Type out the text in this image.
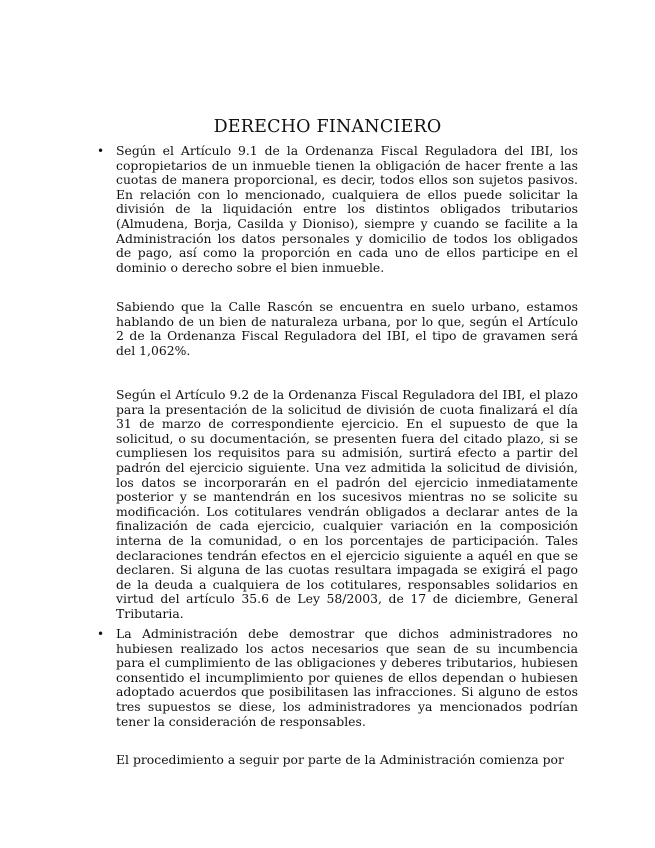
DERECHO FINANCIERO
• Según el Artículo 9.1 de la Ordenanza Fiscal Reguladora del IBI, los copropietarios de un inmueble tienen la obligación de hacer frente a las cuotas de manera proporcional, es decir, todos ellos son sujetos pasivos. En relación con lo mencionado, cualquiera de ellos puede solicitar la división de la liquidación entre los distintos obligados tributarios (Almudena, Borja, Casilda y Dioniso), siempre y cuando se facilite a la Administración los datos personales y domicilio de todos los obligados de pago, así como la proporción en cada uno de ellos participe en el dominio o derecho sobre el bien inmueble.
Sabiendo que la Calle Rascón se encuentra en suelo urbano, estamos hablando de un bien de naturaleza urbana, por lo que, según el Artículo 2 de la Ordenanza Fiscal Reguladora del IBI, el tipo de gravamen será del 1,062%.
Según el Artículo 9.2 de la Ordenanza Fiscal Reguladora del IBI, el plazo para la presentación de la solicitud de división de cuota finalizará el día 31 de marzo de correspondiente ejercicio. En el supuesto de que la solicitud, o su documentación, se presenten fuera del citado plazo, si se cumpliesen los requisitos para su admisión, surtirá efecto a partir del padrón del ejercicio siguiente. Una vez admitida la solicitud de división, los datos se incorporarán en el padrón del ejercicio inmediatamente posterior y se mantendrán en los sucesivos mientras no se solicite su modificación. Los cotitulares vendrán obligados a declarar antes de la finalización de cada ejercicio, cualquier variación en la composición interna de la comunidad, o en los porcentajes de participación. Tales declaraciones tendrán efectos en el ejercicio siguiente a aquél en que se declaren. Si alguna de las cuotas resultara impagada se exigirá el pago de la deuda a cualquiera de los cotitulares, responsables solidarios en virtud del artículo 35.6 de Ley 58/2003, de 17 de diciembre, General Tributaria.
• La Administración debe demostrar que dichos administradores no hubiesen realizado los actos necesarios que sean de su incumbencia para el cumplimiento de las obligaciones y deberes tributarios, hubiesen consentido el incumplimiento por quienes de ellos dependan o hubiesen adoptado acuerdos que posibilitasen las infracciones. Si alguno de estos tres supuestos se diese, los administradores ya mencionados podrían tener la consideración de responsables.
El procedimiento a seguir por parte de la Administración comienza por
